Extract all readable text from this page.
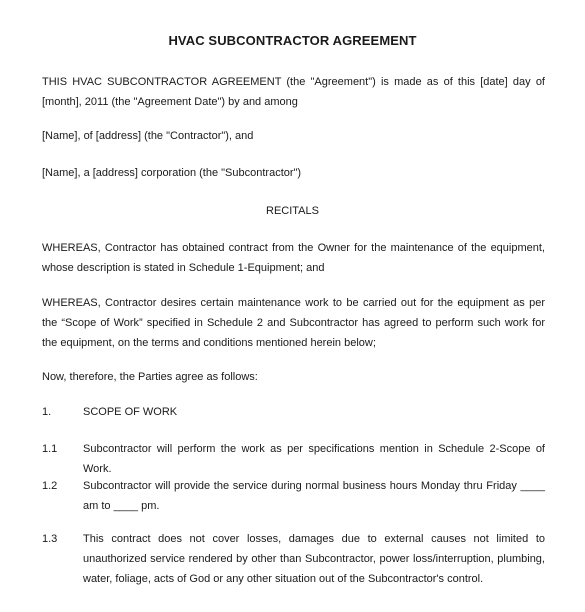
HVAC SUBCONTRACTOR AGREEMENT

THIS HVAC SUBCONTRACTOR AGREEMENT (the "Agreement") is made as of this [date] day of [month], 2011 (the "Agreement Date") by and among

[Name], of [address] (the "Contractor"), and

[Name], a [address] corporation (the "Subcontractor")

RECITALS

WHEREAS, Contractor has obtained contract from the Owner for the maintenance of the equipment, whose description is stated in Schedule 1-Equipment; and

WHEREAS, Contractor desires certain maintenance work to be carried out for the equipment as per the “Scope of Work” specified in Schedule 2 and Subcontractor has agreed to perform such work for the equipment, on the terms and conditions mentioned herein below;

Now, therefore, the Parties agree as follows:

1.	SCOPE OF WORK

1.1 Subcontractor will perform the work as per specifications mention in Schedule 2-Scope of Work.

1.2 Subcontractor will provide the service during normal business hours Monday thru Friday ____ am to ____ pm.

1.3 This contract does not cover losses, damages due to external causes not limited to unauthorized service rendered by other than Subcontractor, power loss/interruption, plumbing, water, foliage, acts of God or any other situation out of the Subcontractor's control.
